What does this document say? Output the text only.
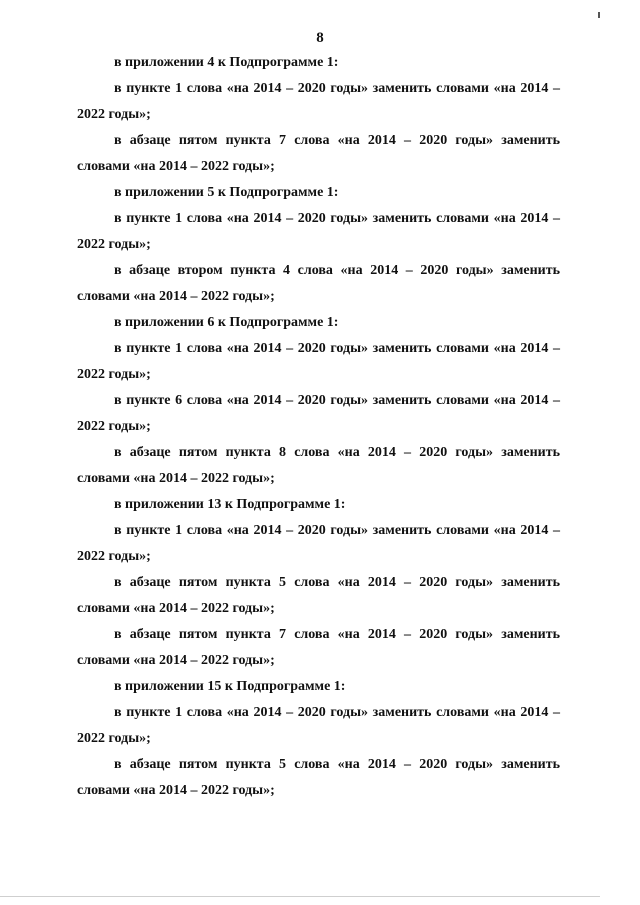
8

в приложении 4 к Подпрограмме 1:

в пункте 1 слова «на 2014 – 2020 годы» заменить словами «на 2014 – 2022 годы»;

в абзаце пятом пункта 7 слова «на 2014 – 2020 годы» заменить словами «на 2014 – 2022 годы»;

в приложении 5 к Подпрограмме 1:

в пункте 1 слова «на 2014 – 2020 годы» заменить словами «на 2014 – 2022 годы»;

в абзаце втором пункта 4 слова «на 2014 – 2020 годы» заменить словами «на 2014 – 2022 годы»;

в приложении 6 к Подпрограмме 1:

в пункте 1 слова «на 2014 – 2020 годы» заменить словами «на 2014 – 2022 годы»;

в пункте 6 слова «на 2014 – 2020 годы» заменить словами «на 2014 – 2022 годы»;

в абзаце пятом пункта 8 слова «на 2014 – 2020 годы» заменить словами «на 2014 – 2022 годы»;

в приложении 13 к Подпрограмме 1:

в пункте 1 слова «на 2014 – 2020 годы» заменить словами «на 2014 – 2022 годы»;

в абзаце пятом пункта 5 слова «на 2014 – 2020 годы» заменить словами «на 2014 – 2022 годы»;

в абзаце пятом пункта 7 слова «на 2014 – 2020 годы» заменить словами «на 2014 – 2022 годы»;

в приложении 15 к Подпрограмме 1:

в пункте 1 слова «на 2014 – 2020 годы» заменить словами «на 2014 – 2022 годы»;

в абзаце пятом пункта 5 слова «на 2014 – 2020 годы» заменить словами «на 2014 – 2022 годы»;
